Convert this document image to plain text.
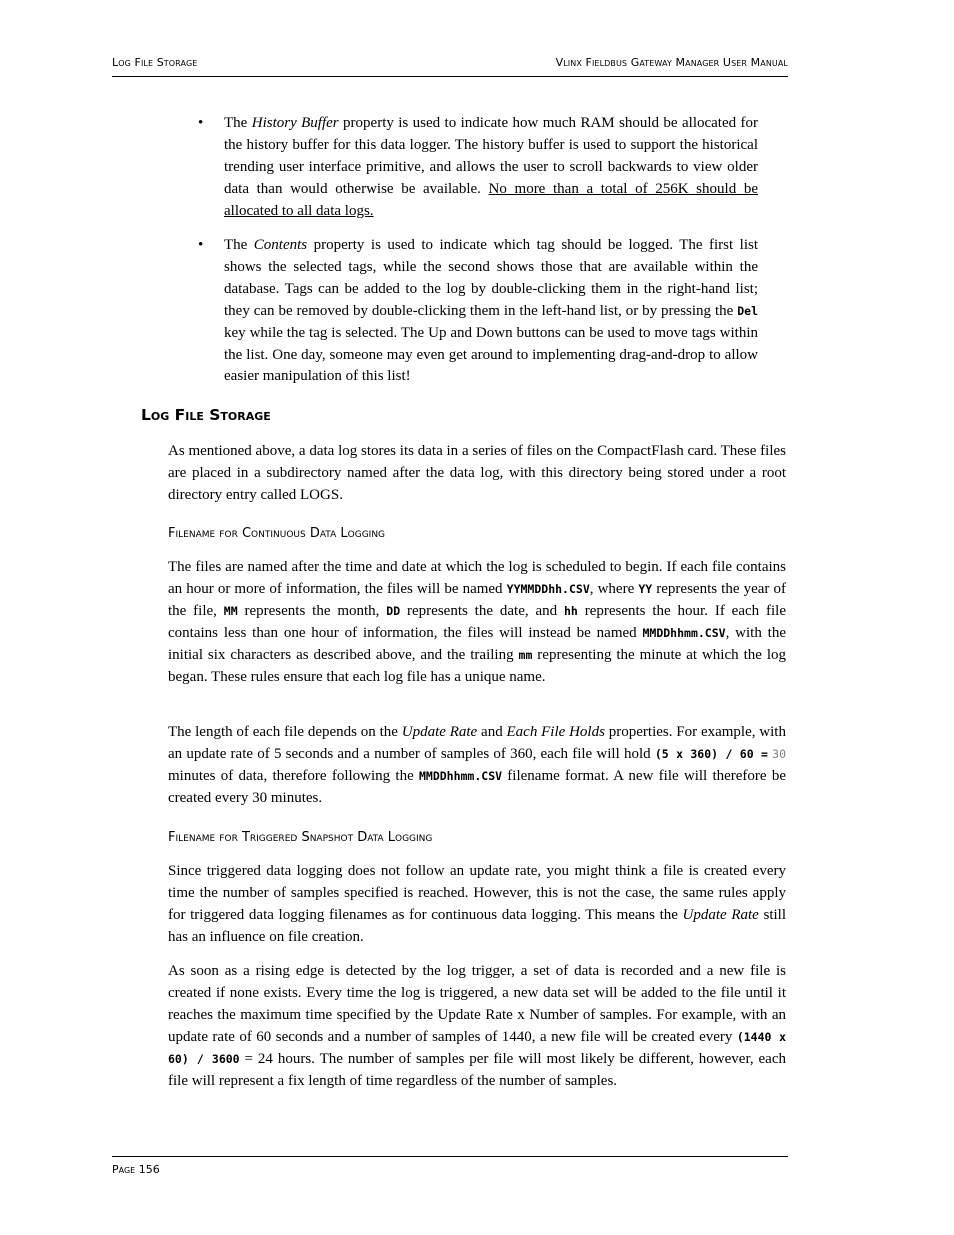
Log File Storage	Vlinx Fieldbus Gateway Manager User Manual
• The History Buffer property is used to indicate how much RAM should be allocated for the history buffer for this data logger. The history buffer is used to support the historical trending user interface primitive, and allows the user to scroll backwards to view older data than would otherwise be available. No more than a total of 256K should be allocated to all data logs.
• The Contents property is used to indicate which tag should be logged. The first list shows the selected tags, while the second shows those that are available within the database. Tags can be added to the log by double-clicking them in the right-hand list; they can be removed by double-clicking them in the left-hand list, or by pressing the Del key while the tag is selected. The Up and Down buttons can be used to move tags within the list. One day, someone may even get around to implementing drag-and-drop to allow easier manipulation of this list!
Log File Storage
As mentioned above, a data log stores its data in a series of files on the CompactFlash card. These files are placed in a subdirectory named after the data log, with this directory being stored under a root directory entry called LOGS.
Filename for Continuous Data Logging
The files are named after the time and date at which the log is scheduled to begin. If each file contains an hour or more of information, the files will be named YYMMDDhh.CSV, where YY represents the year of the file, MM represents the month, DD represents the date, and hh represents the hour. If each file contains less than one hour of information, the files will instead be named MMDDhhmm.CSV, with the initial six characters as described above, and the trailing mm representing the minute at which the log began. These rules ensure that each log file has a unique name.
The length of each file depends on the Update Rate and Each File Holds properties. For example, with an update rate of 5 seconds and a number of samples of 360, each file will hold (5 x 360) / 60 = 30 minutes of data, therefore following the MMDDhhmm.CSV filename format. A new file will therefore be created every 30 minutes.
Filename for Triggered Snapshot Data Logging
Since triggered data logging does not follow an update rate, you might think a file is created every time the number of samples specified is reached. However, this is not the case, the same rules apply for triggered data logging filenames as for continuous data logging. This means the Update Rate still has an influence on file creation.
As soon as a rising edge is detected by the log trigger, a set of data is recorded and a new file is created if none exists. Every time the log is triggered, a new data set will be added to the file until it reaches the maximum time specified by the Update Rate x Number of samples. For example, with an update rate of 60 seconds and a number of samples of 1440, a new file will be created every (1440 x 60) / 3600 = 24 hours. The number of samples per file will most likely be different, however, each file will represent a fix length of time regardless of the number of samples.
Page 156
